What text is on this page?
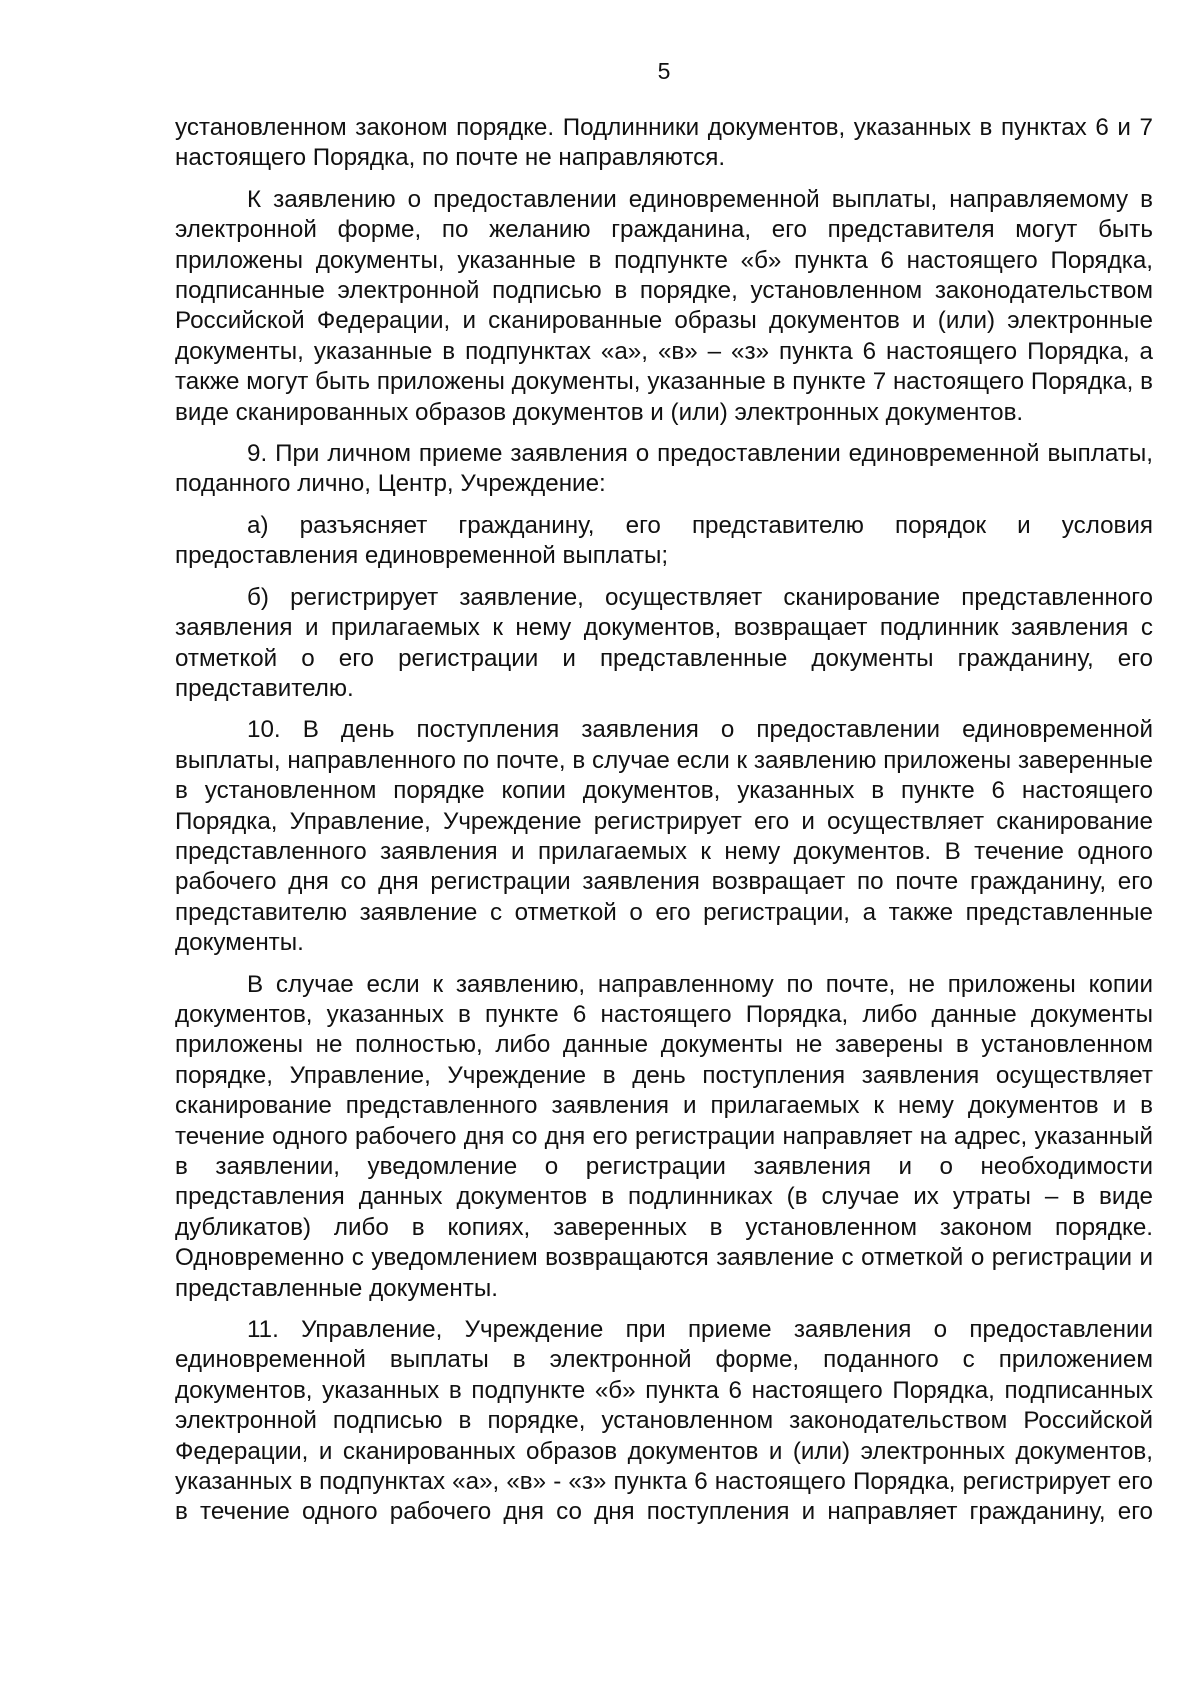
5

установленном законом порядке. Подлинники документов, указанных в пунктах 6 и 7 настоящего Порядка, по почте не направляются.

К заявлению о предоставлении единовременной выплаты, направляемому в электронной форме, по желанию гражданина, его представителя могут быть приложены документы, указанные в подпункте «б» пункта 6 настоящего Порядка, подписанные электронной подписью в порядке, установленном законодательством Российской Федерации, и сканированные образы документов и (или) электронные документы, указанные в подпунктах «а», «в» – «з» пункта 6 настоящего Порядка, а также могут быть приложены документы, указанные в пункте 7 настоящего Порядка, в виде сканированных образов документов и (или) электронных документов.

9. При личном приеме заявления о предоставлении единовременной выплаты, поданного лично, Центр, Учреждение:

а) разъясняет гражданину, его представителю порядок и условия предоставления единовременной выплаты;

б) регистрирует заявление, осуществляет сканирование представленного заявления и прилагаемых к нему документов, возвращает подлинник заявления с отметкой о его регистрации и представленные документы гражданину, его представителю.

10. В день поступления заявления о предоставлении единовременной выплаты, направленного по почте, в случае если к заявлению приложены заверенные в установленном порядке копии документов, указанных в пункте 6 настоящего Порядка, Управление, Учреждение регистрирует его и осуществляет сканирование представленного заявления и прилагаемых к нему документов. В течение одного рабочего дня со дня регистрации заявления возвращает по почте гражданину, его представителю заявление с отметкой о его регистрации, а также представленные документы.

В случае если к заявлению, направленному по почте, не приложены копии документов, указанных в пункте 6 настоящего Порядка, либо данные документы приложены не полностью, либо данные документы не заверены в установленном порядке, Управление, Учреждение в день поступления заявления осуществляет сканирование представленного заявления и прилагаемых к нему документов и в течение одного рабочего дня со дня его регистрации направляет на адрес, указанный в заявлении, уведомление о регистрации заявления и о необходимости представления данных документов в подлинниках (в случае их утраты – в виде дубликатов) либо в копиях, заверенных в установленном законом порядке. Одновременно с уведомлением возвращаются заявление с отметкой о регистрации и представленные документы.

11. Управление, Учреждение при приеме заявления о предоставлении единовременной выплаты в электронной форме, поданного с приложением документов, указанных в подпункте «б» пункта 6 настоящего Порядка, подписанных электронной подписью в порядке, установленном законодательством Российской Федерации, и сканированных образов документов и (или) электронных документов, указанных в подпунктах «а», «в» - «з» пункта 6 настоящего Порядка, регистрирует его в течение одного рабочего дня со дня поступления и направляет гражданину, его
